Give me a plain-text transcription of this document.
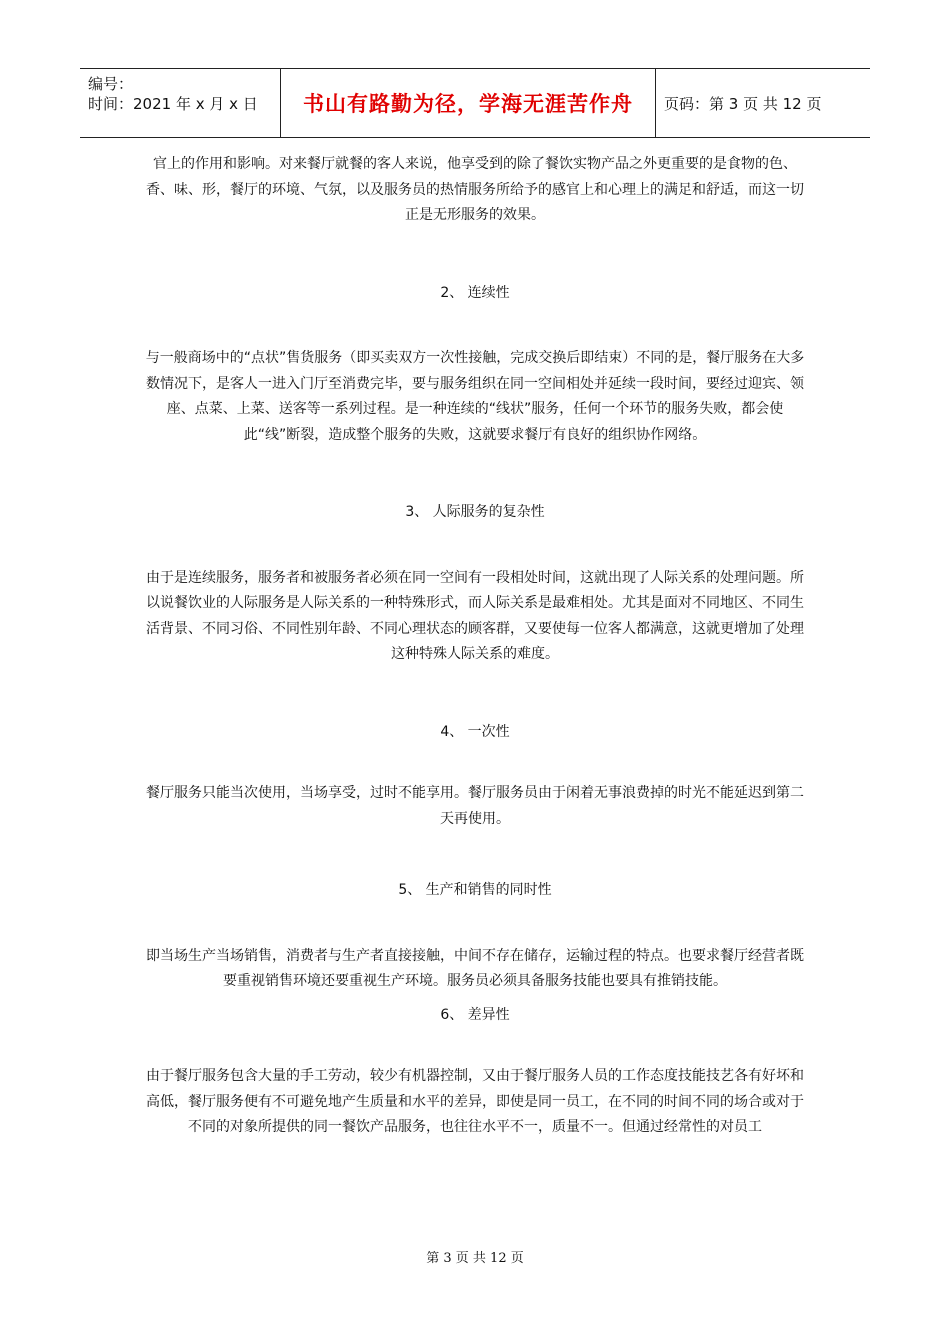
编号：
时间：2021 年 x 月 x 日	书山有路勤为径，学海无涯苦作舟 页码：第 3 页 共 12 页

官上的作用和影响。对来餐厅就餐的客人来说，他享受到的除了餐饮实物产品之外更重要的是食物的色、香、味、形，餐厅的环境、气氛，以及服务员的热情服务所给予的感官上和心理上的满足和舒适，而这一切正是无形服务的效果。

2、 连续性

与一般商场中的“点状”售货服务（即买卖双方一次性接触，完成交换后即结束）不同的是，餐厅服务在大多数情况下，是客人一进入门厅至消费完毕，要与服务组织在同一空间相处并延续一段时间，要经过迎宾、领座、点菜、上菜、送客等一系列过程。是一种连续的“线状”服务，任何一个环节的服务失败，都会使此“线”断裂，造成整个服务的失败，这就要求餐厅有良好的组织协作网络。

3、 人际服务的复杂性

由于是连续服务，服务者和被服务者必须在同一空间有一段相处时间，这就出现了人际关系的处理问题。所以说餐饮业的人际服务是人际关系的一种特殊形式，而人际关系是最难相处。尤其是面对不同地区、不同生活背景、不同习俗、不同性别年龄、不同心理状态的顾客群，又要使每一位客人都满意，这就更增加了处理这种特殊人际关系的难度。

4、 一次性

餐厅服务只能当次使用，当场享受，过时不能享用。餐厅服务员由于闲着无事浪费掉的时光不能延迟到第二天再使用。

5、 生产和销售的同时性

即当场生产当场销售，消费者与生产者直接接触，中间不存在储存，运输过程的特点。也要求餐厅经营者既要重视销售环境还要重视生产环境。服务员必须具备服务技能也要具有推销技能。

6、 差异性

由于餐厅服务包含大量的手工劳动，较少有机器控制，又由于餐厅服务人员的工作态度技能技艺各有好坏和高低，餐厅服务便有不可避免地产生质量和水平的差异，即使是同一员工，在不同的时间不同的场合或对于不同的对象所提供的同一餐饮产品服务，也往往水平不一，质量不一。但通过经常性的对员工

第 3 页 共 12 页
